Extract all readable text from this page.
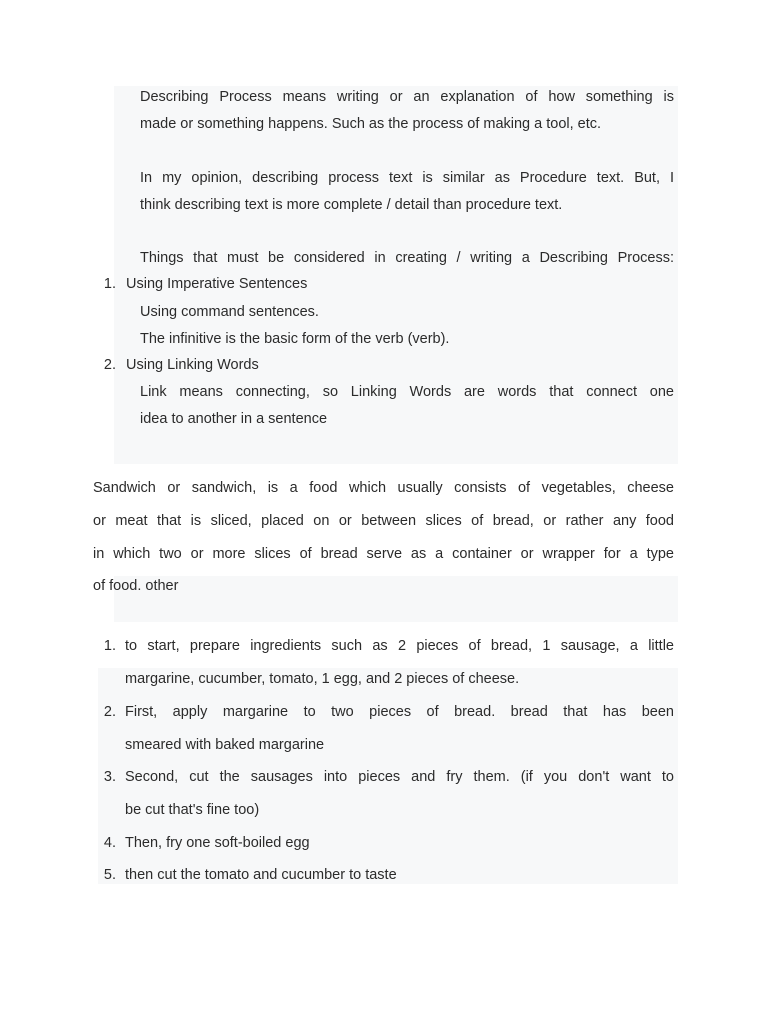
Describing Process means writing or an explanation of how something is
made or something happens. Such as the process of making a tool, etc.
In my opinion, describing process text is similar as Procedure text. But, I
think describing text is more complete / detail than procedure text.
Things that must be considered in creating / writing a Describing Process:
1. Using Imperative Sentences
Using command sentences.
The infinitive is the basic form of the verb (verb).
2. Using Linking Words
Link means connecting, so Linking Words are words that connect one
idea to another in a sentence
Sandwich or sandwich, is a food which usually consists of vegetables, cheese
or meat that is sliced, placed on or between slices of bread, or rather any food
in which two or more slices of bread serve as a container or wrapper for a type
of food. other
1. to start, prepare ingredients such as 2 pieces of bread, 1 sausage, a little
margarine, cucumber, tomato, 1 egg, and 2 pieces of cheese.
2. First, apply margarine to two pieces of bread. bread that has been
smeared with baked margarine
3. Second, cut the sausages into pieces and fry them. (if you don't want to
be cut that's fine too)
4. Then, fry one soft-boiled egg
5. then cut the tomato and cucumber to taste
